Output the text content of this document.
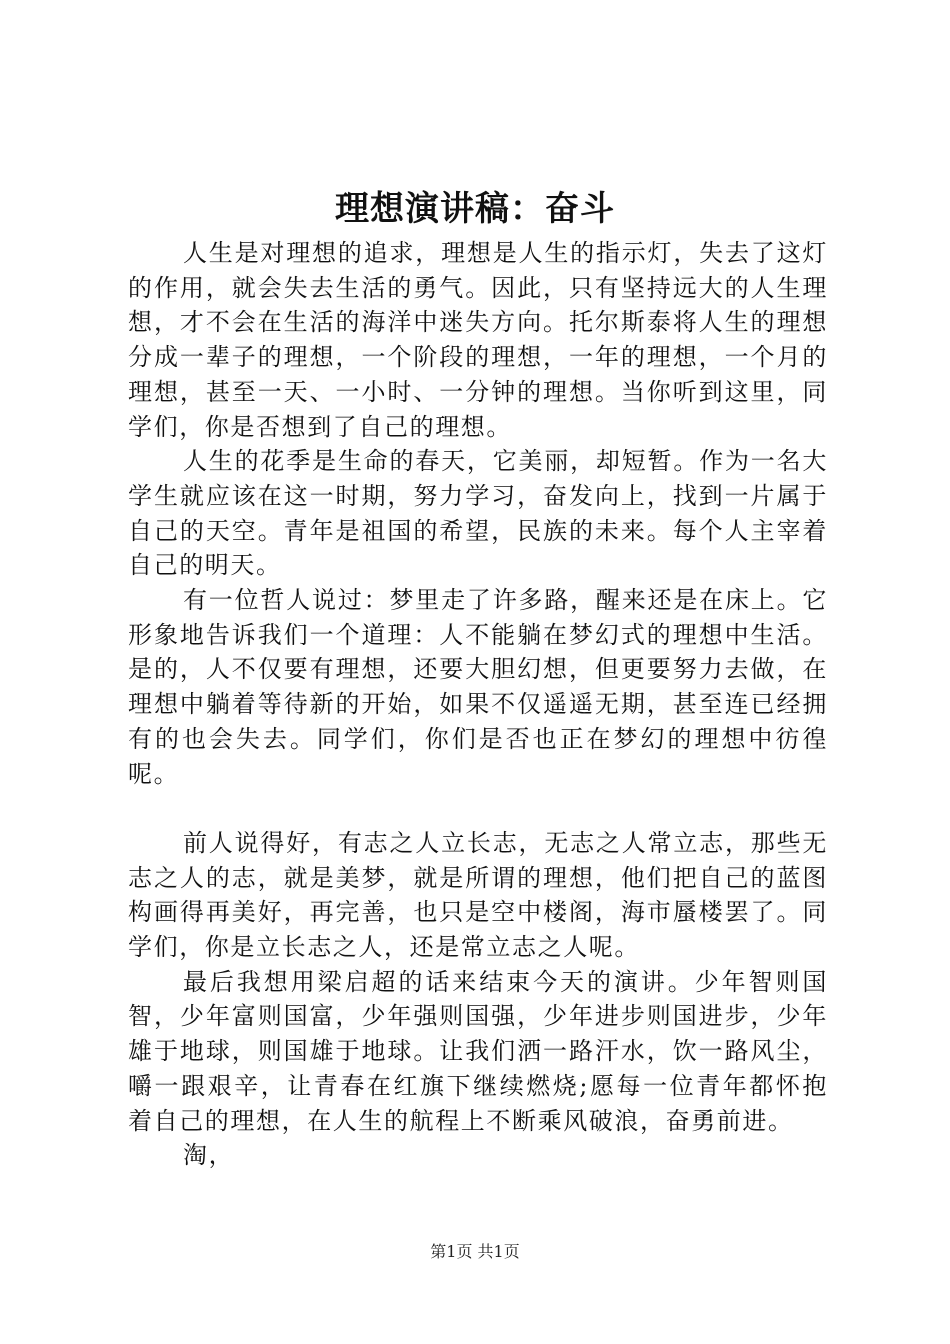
理想演讲稿：奋斗

人生是对理想的追求，理想是人生的指示灯，失去了这灯的作用，就会失去生活的勇气。因此，只有坚持远大的人生理想，才不会在生活的海洋中迷失方向。托尔斯泰将人生的理想分成一辈子的理想，一个阶段的理想，一年的理想，一个月的理想，甚至一天、一小时、一分钟的理想。当你听到这里，同学们，你是否想到了自己的理想。

人生的花季是生命的春天，它美丽，却短暂。作为一名大学生就应该在这一时期，努力学习，奋发向上，找到一片属于自己的天空。青年是祖国的希望，民族的未来。每个人主宰着自己的明天。

有一位哲人说过：梦里走了许多路，醒来还是在床上。它形象地告诉我们一个道理：人不能躺在梦幻式的理想中生活。是的，人不仅要有理想，还要大胆幻想，但更要努力去做，在理想中躺着等待新的开始，如果不仅遥遥无期，甚至连已经拥有的也会失去。同学们，你们是否也正在梦幻的理想中彷徨呢。

前人说得好，有志之人立长志，无志之人常立志，那些无志之人的志，就是美梦，就是所谓的理想，他们把自己的蓝图构画得再美好，再完善，也只是空中楼阁，海市蜃楼罢了。同学们，你是立长志之人，还是常立志之人呢。

最后我想用梁启超的话来结束今天的演讲。少年智则国智，少年富则国富，少年强则国强，少年进步则国进步，少年雄于地球，则国雄于地球。让我们洒一路汗水，饮一路风尘，嚼一跟艰辛，让青春在红旗下继续燃烧;愿每一位青年都怀抱着自己的理想，在人生的航程上不断乘风破浪，奋勇前进。

淘，

第1页 共1页
